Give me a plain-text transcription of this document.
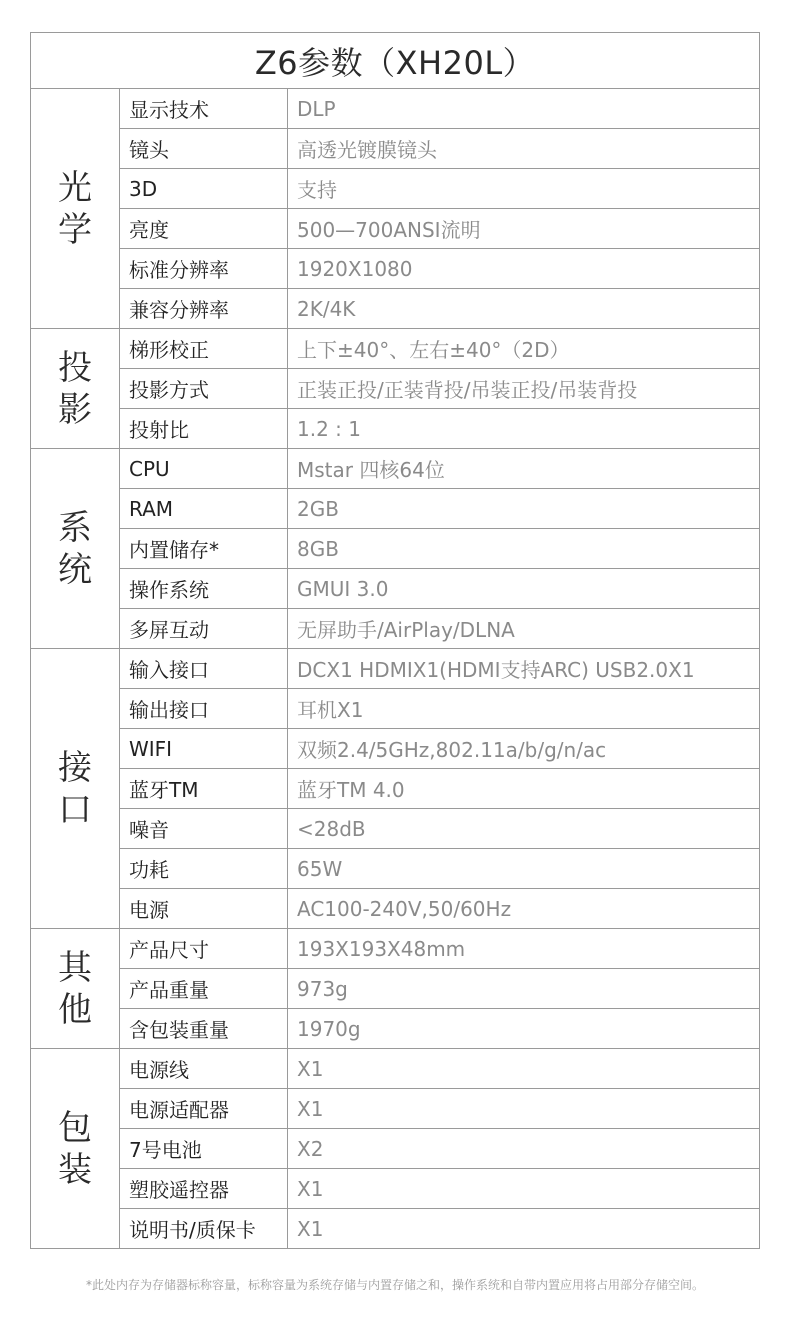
Z6参数（XH20L）		

光
学	显示技术	DLP
	镜头	高透光镀膜镜头
	3D	支持
	亮度	500—700ANSI流明
	标准分辨率	1920X1080
	兼容分辨率	2K/4K

投
影	梯形校正	上下±40°、左右±40°（2D）
	投影方式	正装正投/正装背投/吊装正投/吊装背投
	投射比	1.2 : 1

系
统	CPU	Mstar 四核64位
	RAM	2GB
	内置储存*	8GB
	操作系统	GMUI 3.0
	多屏互动	无屏助手/AirPlay/DLNA

接
口	输入接口	DCX1 HDMIX1(HDMI支持ARC) USB2.0X1
	输出接口	耳机X1
	WIFI	双频2.4/5GHz,802.11a/b/g/n/ac
	蓝牙TM	蓝牙TM 4.0
	噪音	<28dB
	功耗	65W
	电源	AC100-240V,50/60Hz

其
他	产品尺寸	193X193X48mm
	产品重量	973g
	含包装重量	1970g

包
装	电源线	X1
	电源适配器	X1
	7号电池	X2
	塑胶遥控器	X1
	说明书/质保卡	X1
*此处内存为存储器标称容量，标称容量为系统存储与内置存储之和，操作系统和自带内置应用将占用部分存储空间。
